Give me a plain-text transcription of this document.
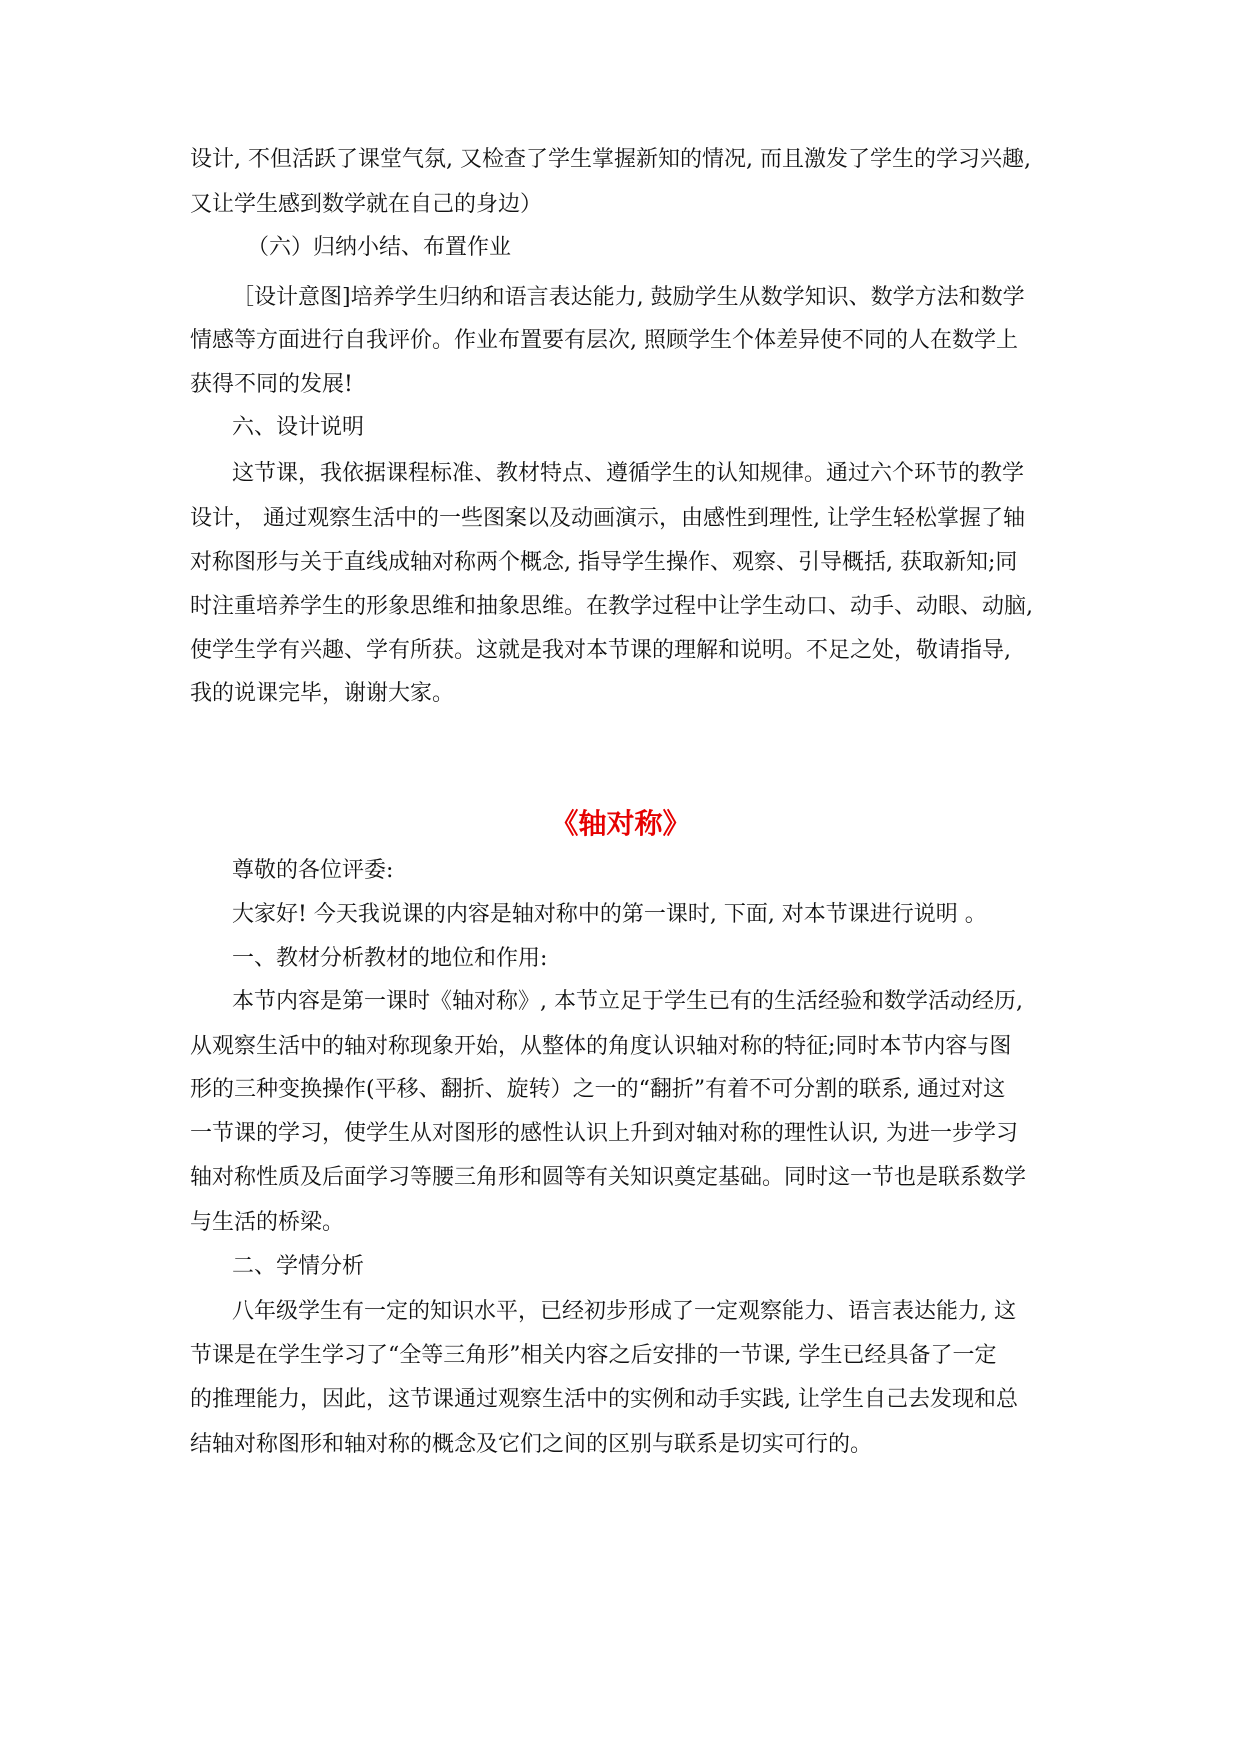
设计, 不但活跃了课堂气氛, 又检查了学生掌握新知的情况, 而且激发了学生的学习兴趣,
又让学生感到数学就在自己的身边）
（六）归纳小结、布置作业
［设计意图]培养学生归纳和语言表达能力, 鼓励学生从数学知识、数学方法和数学
情感等方面进行自我评价。作业布置要有层次, 照顾学生个体差异使不同的人在数学上
获得不同的发展!
六、设计说明
这节课，我依据课程标准、教材特点、遵循学生的认知规律。通过六个环节的教学
设计， 通过观察生活中的一些图案以及动画演示，由感性到理性, 让学生轻松掌握了轴
对称图形与关于直线成轴对称两个概念, 指导学生操作、观察、引导概括, 获取新知;同
时注重培养学生的形象思维和抽象思维。在教学过程中让学生动口、动手、动眼、动脑,
使学生学有兴趣、学有所获。这就是我对本节课的理解和说明。不足之处，敬请指导,
我的说课完毕，谢谢大家。
《轴对称》
尊敬的各位评委:
大家好! 今天我说课的内容是轴对称中的第一课时, 下面, 对本节课进行说明 。
一、教材分析教材的地位和作用:
本节内容是第一课时《轴对称》, 本节立足于学生已有的生活经验和数学活动经历,
从观察生活中的轴对称现象开始，从整体的角度认识轴对称的特征;同时本节内容与图
形的三种变换操作(平移、翻折、旋转）之一的“翻折”有着不可分割的联系, 通过对这
一节课的学习，使学生从对图形的感性认识上升到对轴对称的理性认识, 为进一步学习
轴对称性质及后面学习等腰三角形和圆等有关知识奠定基础。同时这一节也是联系数学
与生活的桥梁。
二、学情分析
八年级学生有一定的知识水平，已经初步形成了一定观察能力、语言表达能力, 这
节课是在学生学习了“全等三角形”相关内容之后安排的一节课, 学生已经具备了一定
的推理能力，因此，这节课通过观察生活中的实例和动手实践, 让学生自己去发现和总
结轴对称图形和轴对称的概念及它们之间的区别与联系是切实可行的。
